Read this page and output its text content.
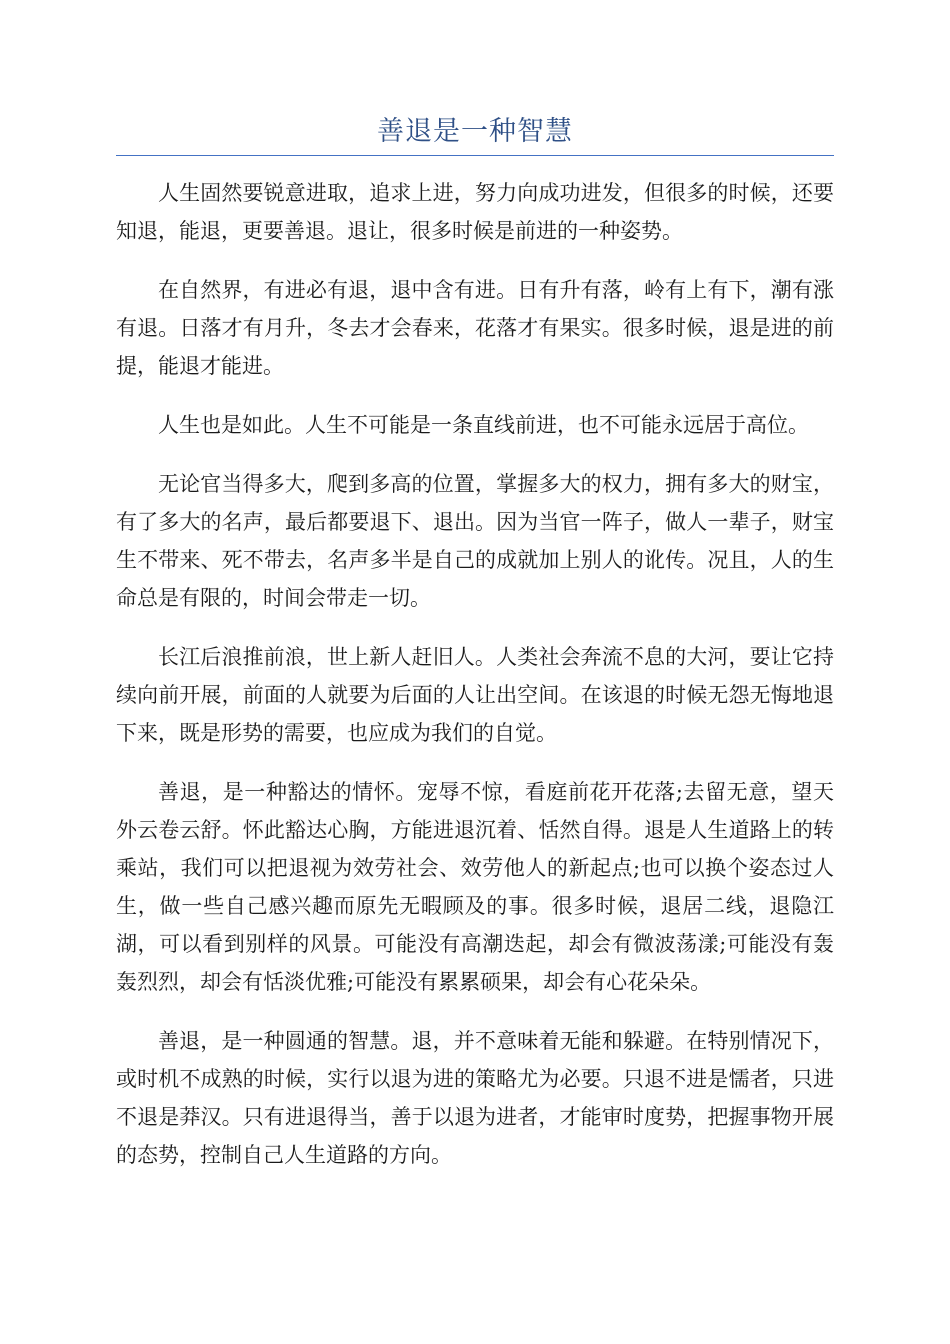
善退是一种智慧

人生固然要锐意进取，追求上进，努力向成功进发，但很多的时候，还要知退，能退，更要善退。退让，很多时候是前进的一种姿势。

在自然界，有进必有退，退中含有进。日有升有落，岭有上有下，潮有涨有退。日落才有月升，冬去才会春来，花落才有果实。很多时候，退是进的前提，能退才能进。

人生也是如此。人生不可能是一条直线前进，也不可能永远居于高位。

无论官当得多大，爬到多高的位置，掌握多大的权力，拥有多大的财宝，有了多大的名声，最后都要退下、退出。因为当官一阵子，做人一辈子，财宝生不带来、死不带去，名声多半是自己的成就加上别人的讹传。况且，人的生命总是有限的，时间会带走一切。

长江后浪推前浪，世上新人赶旧人。人类社会奔流不息的大河，要让它持续向前开展，前面的人就要为后面的人让出空间。在该退的时候无怨无悔地退下来，既是形势的需要，也应成为我们的自觉。

善退，是一种豁达的情怀。宠辱不惊，看庭前花开花落;去留无意，望天外云卷云舒。怀此豁达心胸，方能进退沉着、恬然自得。退是人生道路上的转乘站，我们可以把退视为效劳社会、效劳他人的新起点;也可以换个姿态过人生，做一些自己感兴趣而原先无暇顾及的事。很多时候，退居二线，退隐江湖，可以看到别样的风景。可能没有高潮迭起，却会有微波荡漾;可能没有轰轰烈烈，却会有恬淡优雅;可能没有累累硕果，却会有心花朵朵。

善退，是一种圆通的智慧。退，并不意味着无能和躲避。在特别情况下，或时机不成熟的时候，实行以退为进的策略尤为必要。只退不进是懦者，只进不退是莽汉。只有进退得当，善于以退为进者，才能审时度势，把握事物开展的态势，控制自己人生道路的方向。
